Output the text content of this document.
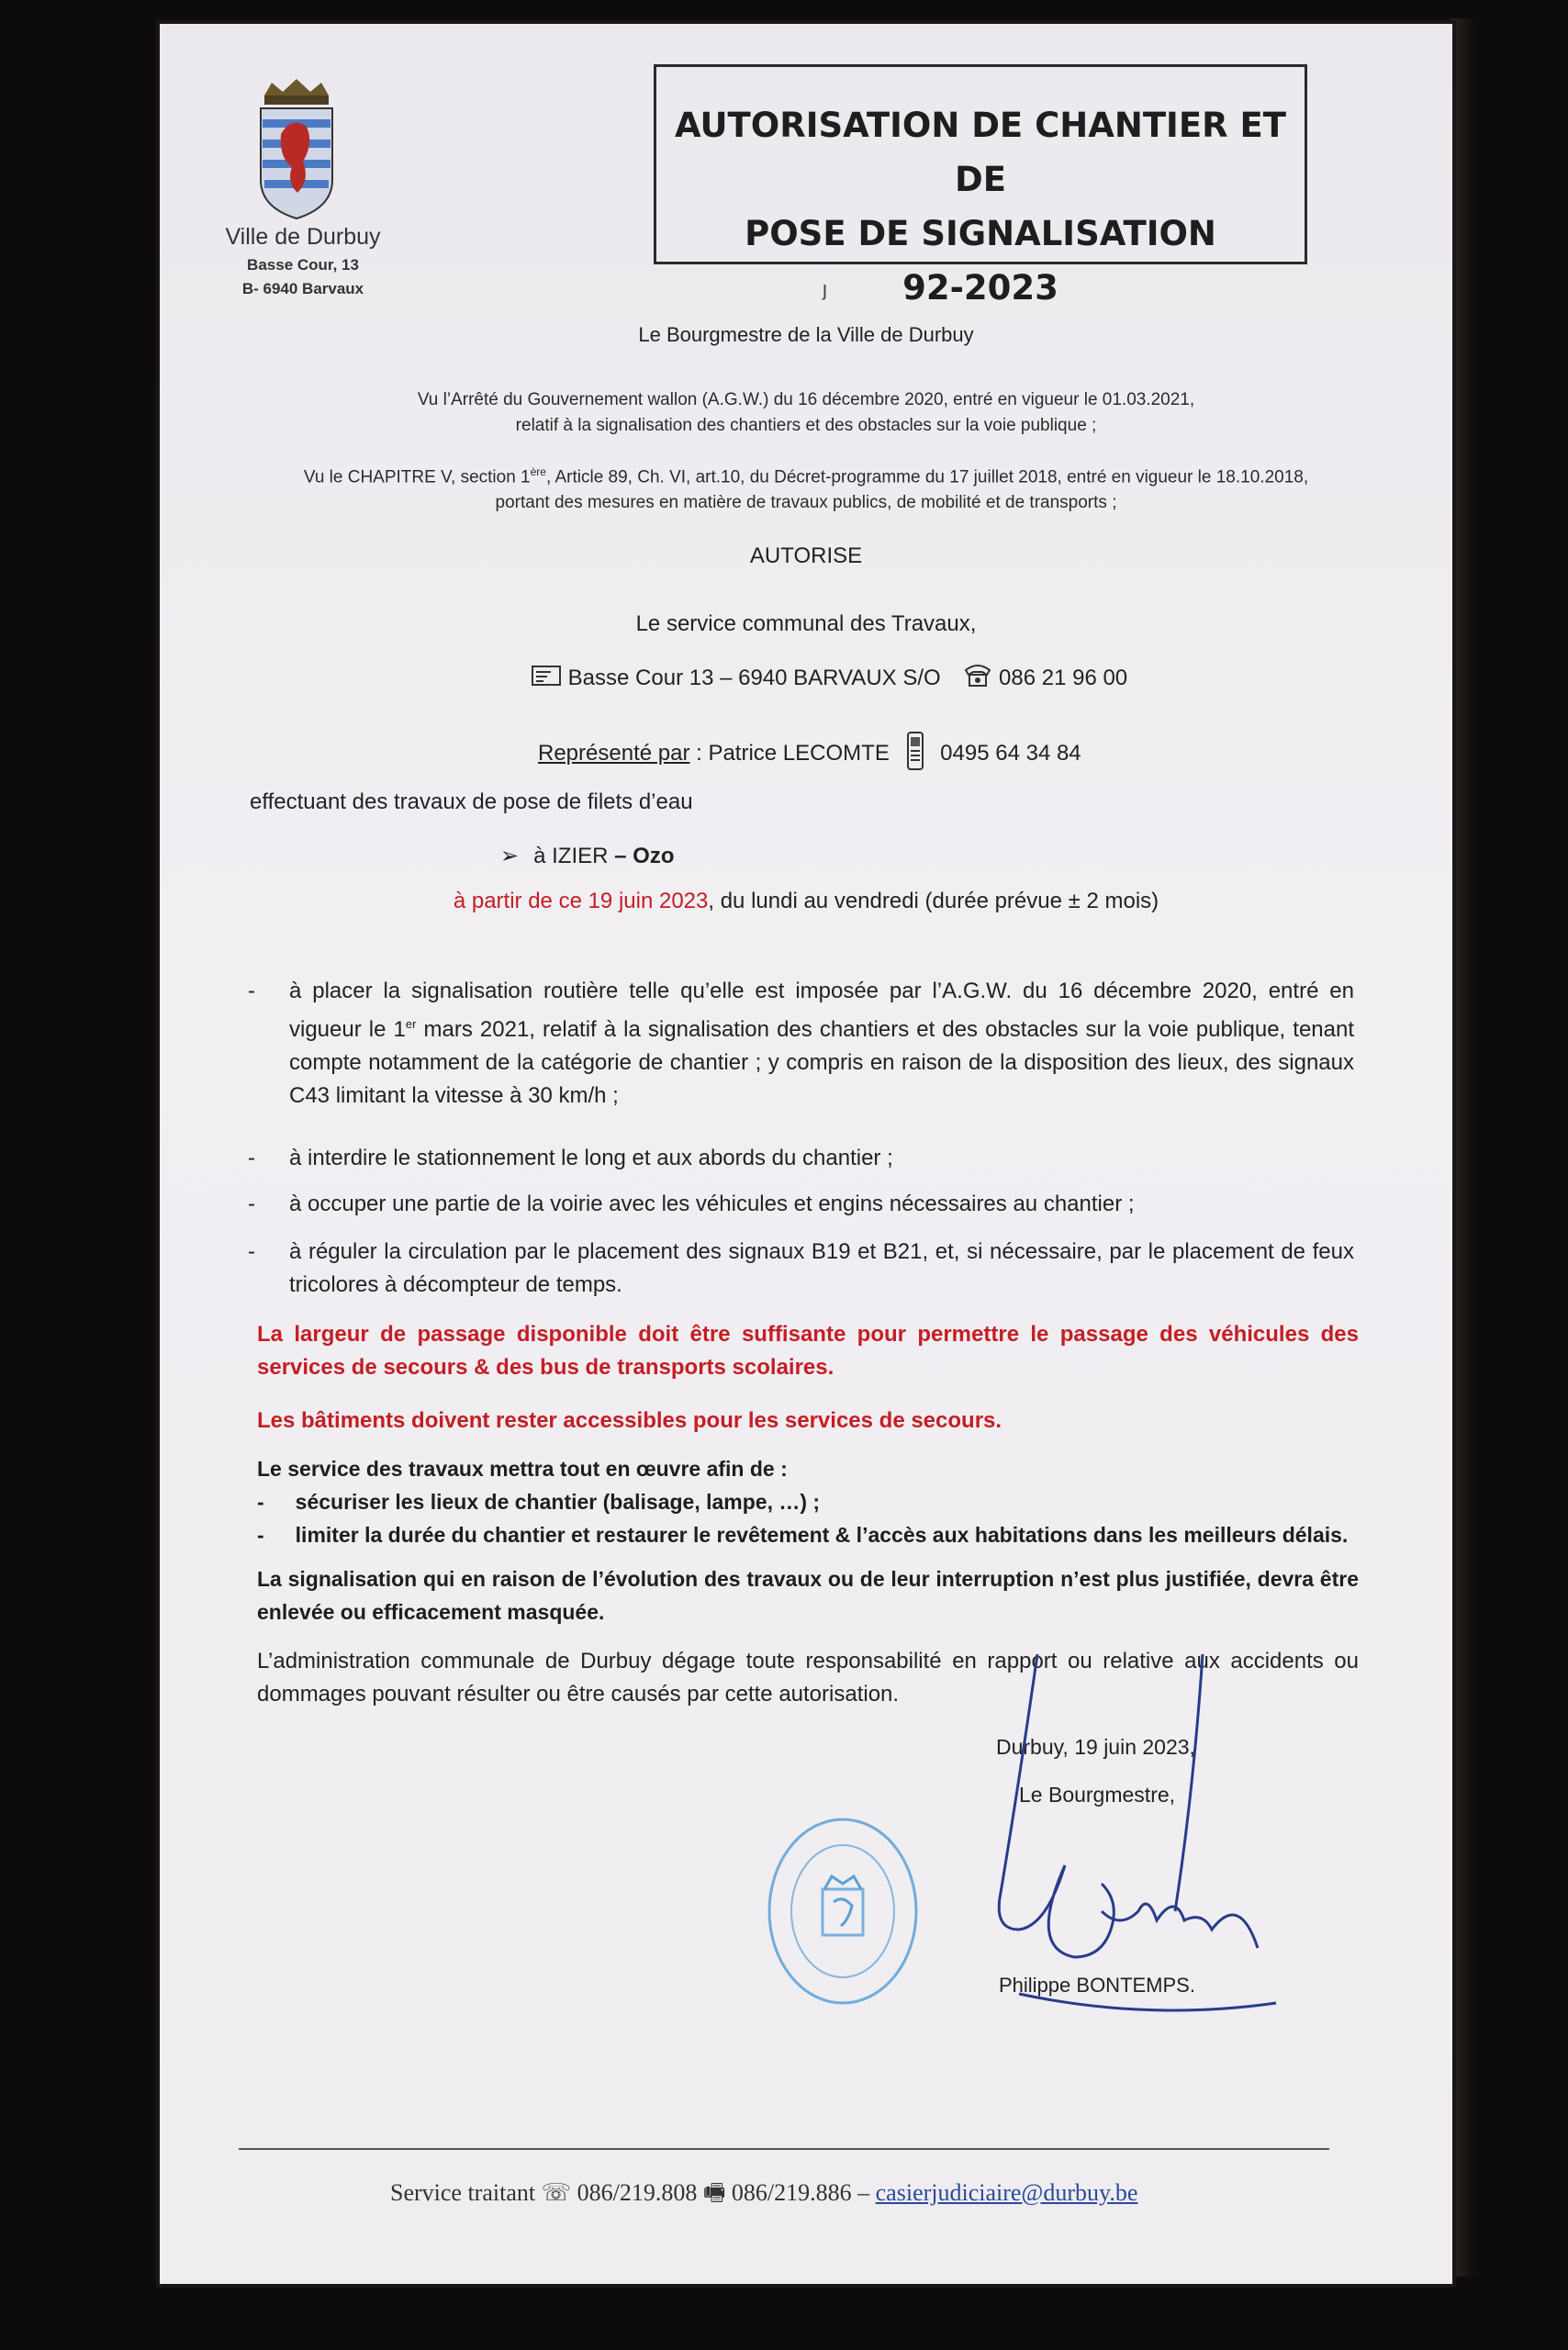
Ville de Durbuy
Basse Cour, 13
B- 6940 Barvaux
AUTORISATION DE CHANTIER ET DE
POSE DE SIGNALISATION
92-2023
ȷ
Le Bourgmestre de la Ville de Durbuy
Vu l’Arrêté du Gouvernement wallon (A.G.W.) du 16 décembre 2020, entré en vigueur le 01.03.2021,
relatif à la signalisation des chantiers et des obstacles sur la voie publique ;
Vu le CHAPITRE V, section 1ère, Article 89, Ch. VI, art.10, du Décret-programme du 17 juillet 2018, entré en vigueur le 18.10.2018,
portant des mesures en matière de travaux publics, de mobilité et de transports ;
AUTORISE
Le service communal des Travaux,
Basse Cour 13 – 6940 BARVAUX S/O	086 21 96 00
Représenté par : Patrice LECOMTE 0495 64 34 84
effectuant des travaux de pose de filets d’eau
➢ à IZIER – Ozo
à partir de ce 19 juin 2023, du lundi au vendredi (durée prévue ± 2 mois)
-	à placer la signalisation routière telle qu’elle est imposée par l’A.G.W. du 16 décembre 2020, entré en vigueur le 1er mars 2021, relatif à la signalisation des chantiers et des obstacles sur la voie publique, tenant compte notamment de la catégorie de chantier ; y compris en raison de la disposition des lieux, des signaux C43 limitant la vitesse à 30 km/h ;
-	à interdire le stationnement le long et aux abords du chantier ;
-	à occuper une partie de la voirie avec les véhicules et engins nécessaires au chantier ;
-	à réguler la circulation par le placement des signaux B19 et B21, et, si nécessaire, par le placement de feux tricolores à décompteur de temps.
La largeur de passage disponible doit être suffisante pour permettre le passage des véhicules des services de secours & des bus de transports scolaires.
Les bâtiments doivent rester accessibles pour les services de secours.
Le service des travaux mettra tout en œuvre afin de :
- sécuriser les lieux de chantier (balisage, lampe, …) ;
- limiter la durée du chantier et restaurer le revêtement & l’accès aux habitations dans les meilleurs délais.
La signalisation qui en raison de l’évolution des travaux ou de leur interruption n’est plus justifiée, devra être enlevée ou efficacement masquée.
L’administration communale de Durbuy dégage toute responsabilité en rapport ou relative aux accidents ou dommages pouvant résulter ou être causés par cette autorisation.
Durbuy, 19 juin 2023,
Le Bourgmestre,
Philippe BONTEMPS.
Service traitant ☏ 086/219.808 🖷 086/219.886 – casierjudiciaire@durbuy.be
